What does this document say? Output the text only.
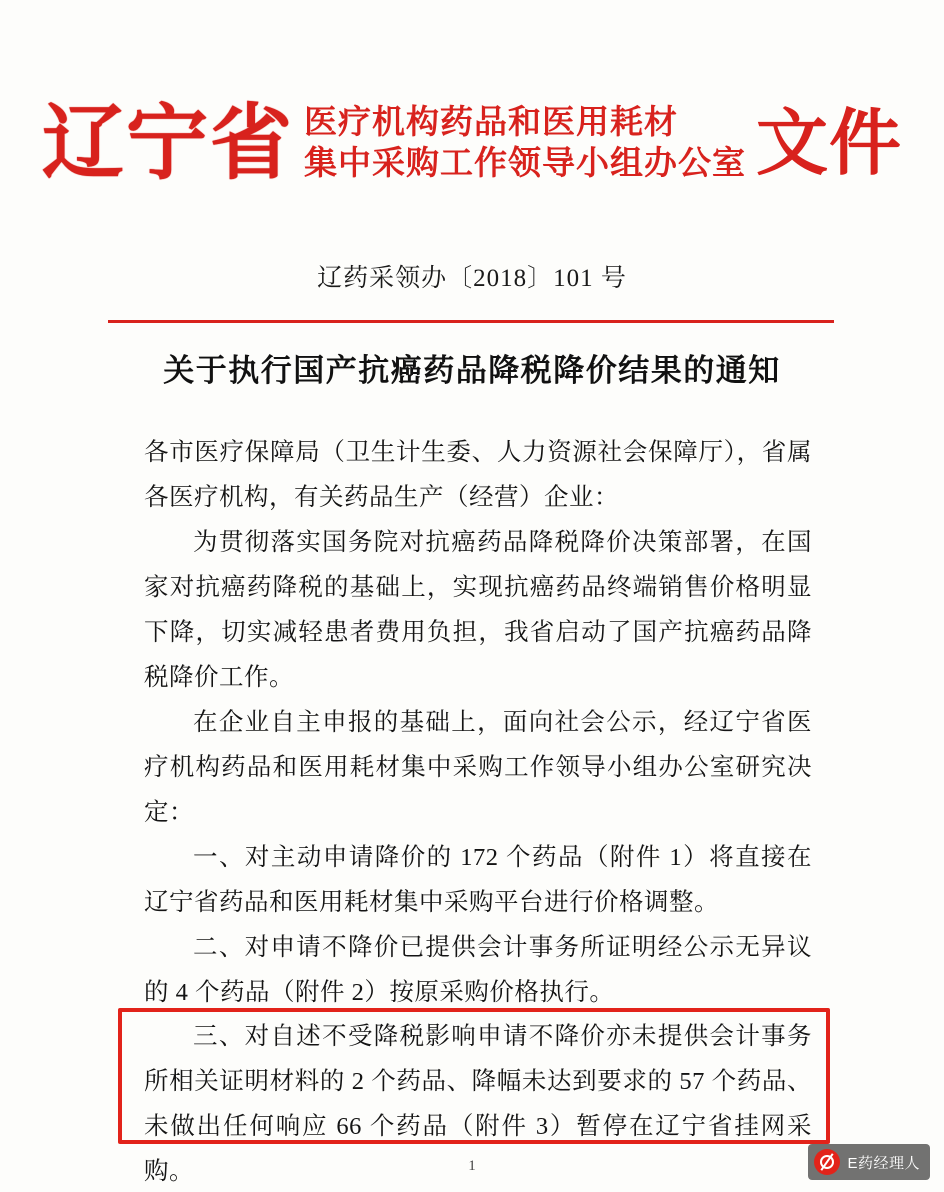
辽宁省 医疗机构药品和医用耗材
集中采购工作领导小组办公室 文件
辽药采领办〔2018〕101 号
关于执行国产抗癌药品降税降价结果的通知

各市医疗保障局（卫生计生委、人力资源社会保障厅），省属各医疗机构，有关药品生产（经营）企业：

为贯彻落实国务院对抗癌药品降税降价决策部署，在国家对抗癌药降税的基础上，实现抗癌药品终端销售价格明显下降，切实减轻患者费用负担，我省启动了国产抗癌药品降税降价工作。

在企业自主申报的基础上，面向社会公示，经辽宁省医疗机构药品和医用耗材集中采购工作领导小组办公室研究决定：

一、对主动申请降价的 172 个药品（附件 1）将直接在辽宁省药品和医用耗材集中采购平台进行价格调整。

二、对申请不降价已提供会计事务所证明经公示无异议的 4 个药品（附件 2）按原采购价格执行。

三、对自述不受降税影响申请不降价亦未提供会计事务所相关证明材料的 2 个药品、降幅未达到要求的 57 个药品、未做出任何响应 66 个药品（附件 3）暂停在辽宁省挂网采购。	1	E药经理人
